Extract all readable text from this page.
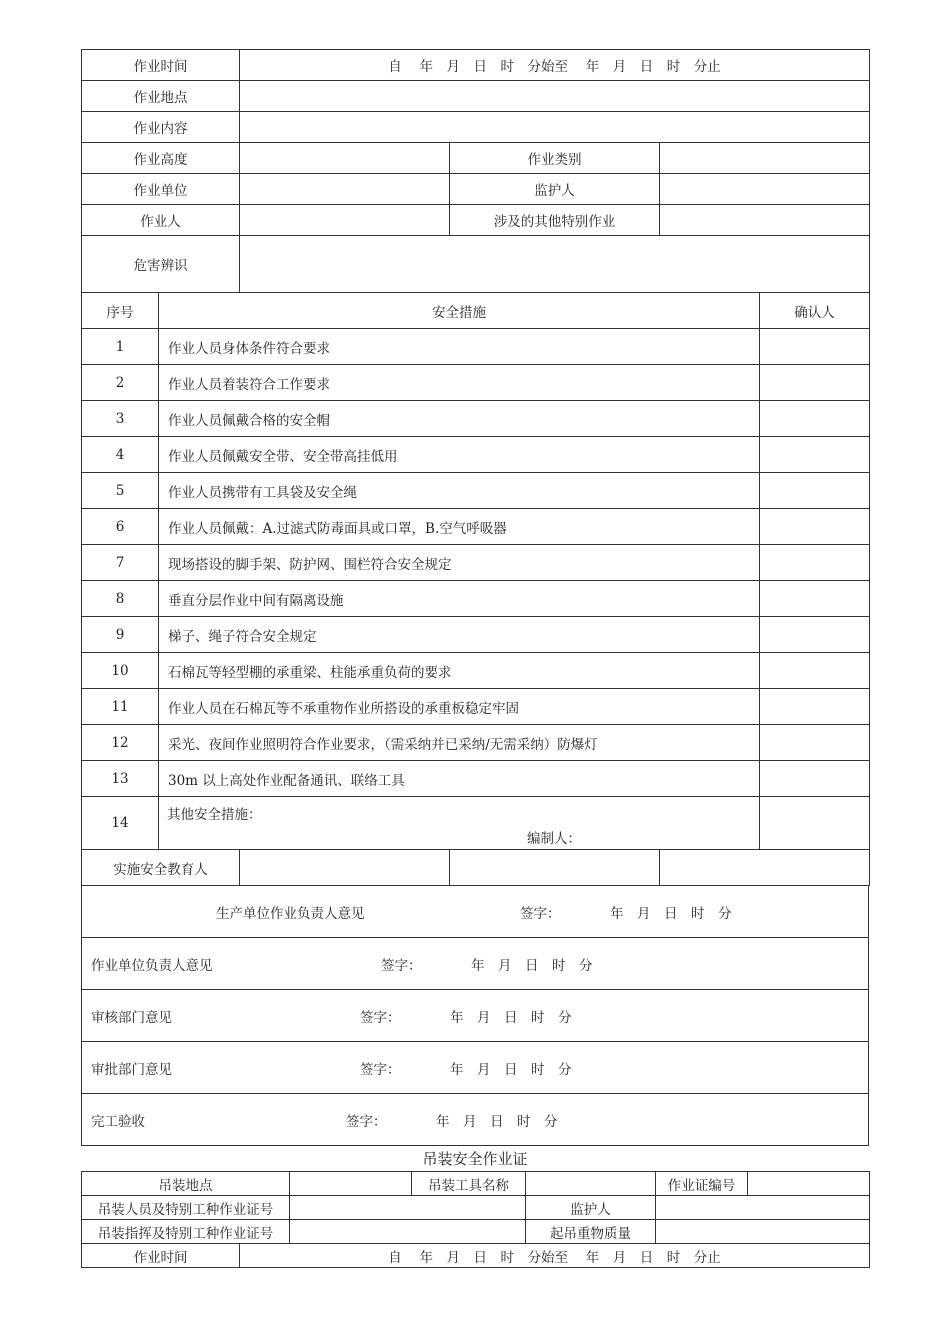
作业时间	自　 年　月　日　时　分始至　 年　月　日　时　分止		
作业地点			
作业内容			
作业高度		作业类别	
作业单位		监护人	
作业人		涉及的其他特别作业	
危害辨识			
序号	安全措施	确认人
1	作业人员身体条件符合要求	
2	作业人员着装符合工作要求	
3	作业人员佩戴合格的安全帽	
4	作业人员佩戴安全带、安全带高挂低用	
5	作业人员携带有工具袋及安全绳	
6	作业人员佩戴：A.过滤式防毒面具或口罩，B.空气呼吸器	
7	现场搭设的脚手架、防护网、围栏符合安全规定	
8	垂直分层作业中间有隔离设施	
9	梯子、绳子符合安全规定	
10	石棉瓦等轻型棚的承重梁、柱能承重负荷的要求	
11	作业人员在石棉瓦等不承重物作业所搭设的承重板稳定牢固	
12	采光、夜间作业照明符合作业要求，（需采纳并已采纳/无需采纳）防爆灯	
13	30m 以上高处作业配备通讯、联络工具	
14	其他安全措施：
编制人：	

实施安全教育人			
生产单位作业负责人意见	签字：	年　月　日　时　分

作业单位负责人意见	签字：	年　月　日　时　分

审核部门意见	签字：	年　月　日　时　分

审批部门意见	签字：	年　月　日　时　分

完工验收	签字：	年　月　日　时　分
吊装安全作业证
吊装地点		吊装工具名称		作业证编号	
吊装人员及特别工种作业证号			监护人		
吊装指挥及特别工种作业证号			起吊重物质量		
作业时间	自　 年　月　日　时　分始至　 年　月　日　时　分止
